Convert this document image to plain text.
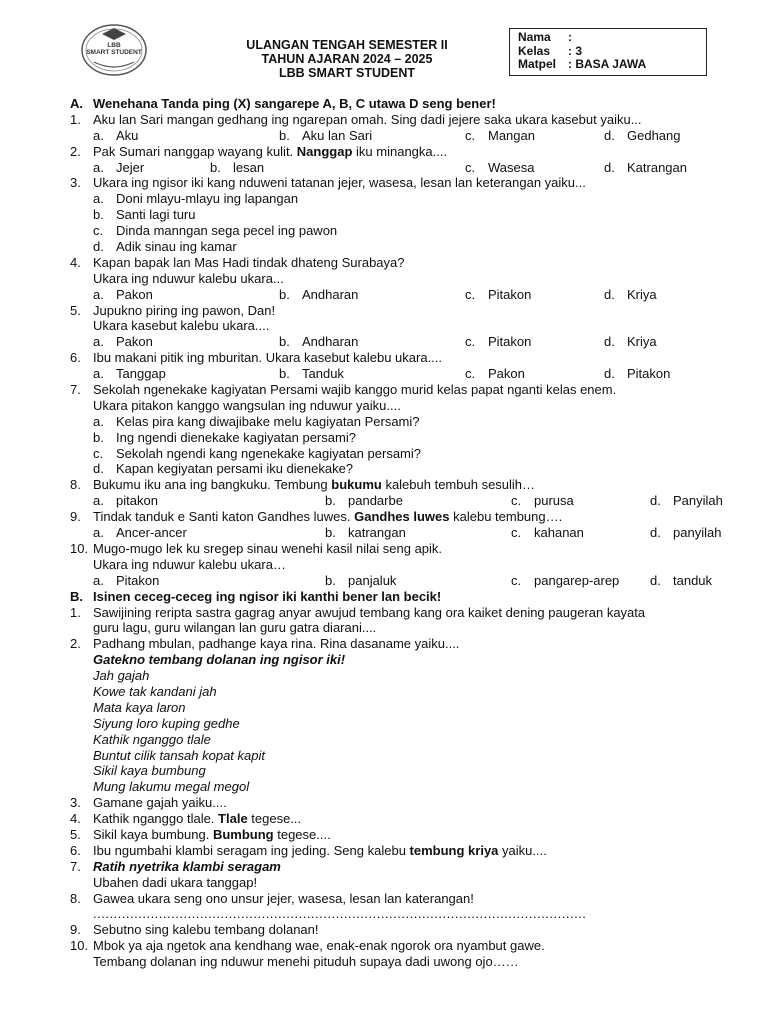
LBB
SMART STUDENT
ULANGAN TENGAH SEMESTER II
TAHUN AJARAN 2024 – 2025
LBB SMART STUDENT
Nama	:
Kelas	: 3
Matpel : BASA JAWA
A. Wenehana Tanda ping (X) sangarepe A, B, C utawa D seng bener!
1. Aku lan Sari mangan gedhang ing ngarepan omah. Sing dadi jejere saka ukara kasebut yaiku...
a. Aku	b. Aku lan Sari	c. Mangan	d. Gedhang
2. Pak Sumari nanggap wayang kulit. Nanggap iku minangka....
a. Jejer	b. lesan	c. Wasesa	d. Katrangan
3. Ukara ing ngisor iki kang nduweni tatanan jejer, wasesa, lesan lan keterangan yaiku...
a. Doni mlayu-mlayu ing lapangan
b. Santi lagi turu
c. Dinda manngan sega pecel ing pawon
d. Adik sinau ing kamar
4. Kapan bapak lan Mas Hadi tindak dhateng Surabaya?
Ukara ing nduwur kalebu ukara...
a. Pakon	b. Andharan	c. Pitakon	d. Kriya
5. Jupukno piring ing pawon, Dan!
Ukara kasebut kalebu ukara....
a. Pakon	b. Andharan	c. Pitakon	d. Kriya
6. Ibu makani pitik ing mburitan. Ukara kasebut kalebu ukara....
a. Tanggap	b. Tanduk	c. Pakon	d. Pitakon
7. Sekolah ngenekake kagiyatan Persami wajib kanggo murid kelas papat nganti kelas enem.
Ukara pitakon kanggo wangsulan ing nduwur yaiku....
a. Kelas pira kang diwajibake melu kagiyatan Persami?
b. Ing ngendi dienekake kagiyatan persami?
c. Sekolah ngendi kang ngenekake kagiyatan persami?
d. Kapan kegiyatan persami iku dienekake?
8. Bukumu iku ana ing bangkuku. Tembung bukumu kalebuh tembuh sesulih…
a. pitakon	b. pandarbe	c. purusa	d. Panyilah
9. Tindak tanduk e Santi katon Gandhes luwes. Gandhes luwes kalebu tembung….
a. Ancer-ancer	b. katrangan	c. kahanan	d. panyilah
10. Mugo-mugo lek ku sregep sinau wenehi kasil nilai seng apik.
Ukara ing nduwur kalebu ukara…
a. Pitakon	b. panjaluk	c. pangarep-arep d. tanduk
B. Isinen ceceg-ceceg ing ngisor iki kanthi bener lan becik!
1. Sawijining reripta sastra gagrag anyar awujud tembang kang ora kaiket dening paugeran kayata
guru lagu, guru wilangan lan guru gatra diarani....
2. Padhang mbulan, padhange kaya rina. Rina dasaname yaiku....
Gatekno tembang dolanan ing ngisor iki!
Jah gajah
Kowe tak kandani jah
Mata kaya laron
Siyung loro kuping gedhe
Kathik nganggo tlale
Buntut cilik tansah kopat kapit
Sikil kaya bumbung
Mung lakumu megal megol
3. Gamane gajah yaiku....
4. Kathik nganggo tlale. Tlale tegese...
5. Sikil kaya bumbung. Bumbung tegese....
6. Ibu ngumbahi klambi seragam ing jeding. Seng kalebu tembung kriya yaiku....
7. Ratih nyetrika klambi seragam
Ubahen dadi ukara tanggap!
8. Gawea ukara seng ono unsur jejer, wasesa, lesan lan katerangan!
........................................................................................................................
9. Sebutno sing kalebu tembang dolanan!
10. Mbok ya aja ngetok ana kendhang wae, enak-enak ngorok ora nyambut gawe.
Tembang dolanan ing nduwur menehi pituduh supaya dadi uwong ojo……
